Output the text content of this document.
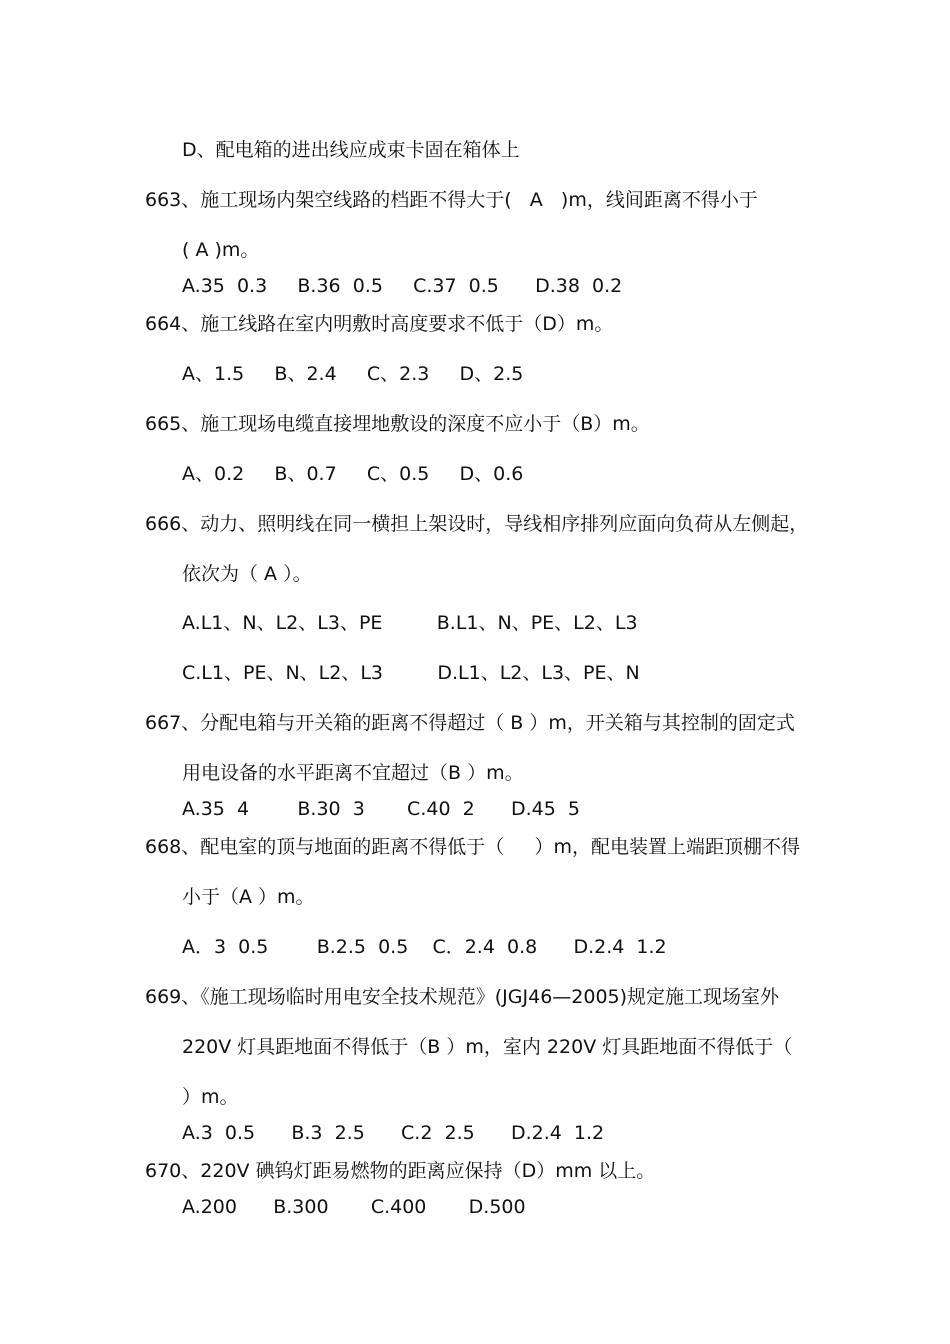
D、配电箱的进出线应成束卡固在箱体上
663、施工现场内架空线路的档距不得大于(   A   )m，线间距离不得小于
( A )m。
A.35  0.3     B.36  0.5     C.37  0.5      D.38  0.2
664、施工线路在室内明敷时高度要求不低于（D）m。
A、1.5     B、2.4     C、2.3     D、2.5
665、施工现场电缆直接埋地敷设的深度不应小于（B）m。
A、0.2     B、0.7     C、0.5     D、0.6
666、动力、照明线在同一横担上架设时，导线相序排列应面向负荷从左侧起，
依次为（ A ）。
A.L1、N、L2、L3、PE         B.L1、N、PE、L2、L3
C.L1、PE、N、L2、L3         D.L1、L2、L3、PE、N
667、分配电箱与开关箱的距离不得超过（ B ）m，开关箱与其控制的固定式
用电设备的水平距离不宜超过（B ）m。
A.35  4        B.30  3       C.40  2      D.45  5
668、配电室的顶与地面的距离不得低于（     ）m，配电装置上端距顶棚不得
小于（A ）m。
A．3  0.5        B.2.5  0.5    C．2.4  0.8      D.2.4  1.2
669、《施工现场临时用电安全技术规范》(JGJ46—2005)规定施工现场室外
220V 灯具距地面不得低于（B ）m，室内 220V 灯具距地面不得低于（
）m。
A.3  0.5      B.3  2.5      C.2  2.5      D.2.4  1.2
670、220V 碘钨灯距易燃物的距离应保持（D）mm 以上。
A.200      B.300       C.400       D.500
